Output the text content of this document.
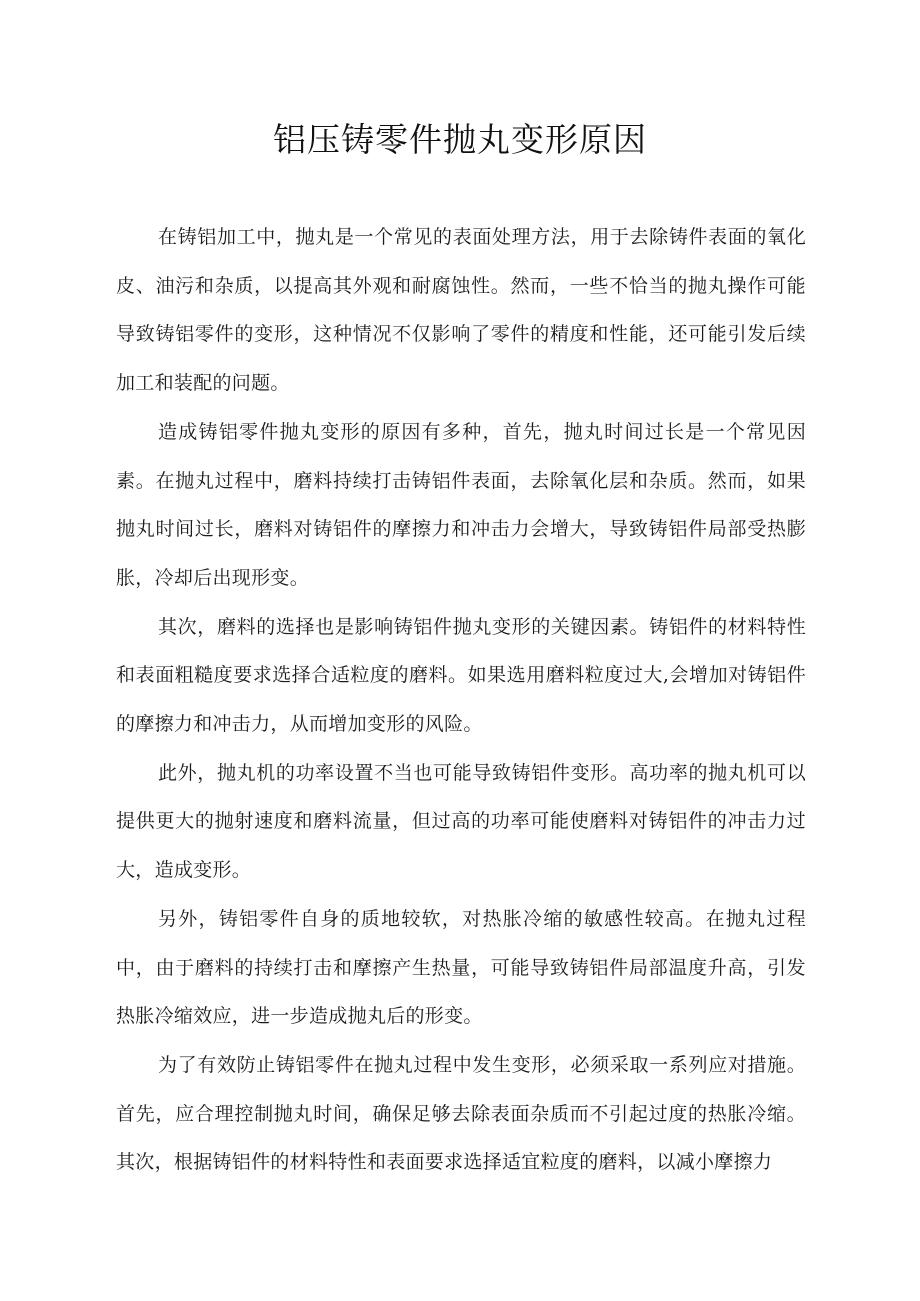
铝压铸零件抛丸变形原因

在铸铝加工中，抛丸是一个常见的表面处理方法，用于去除铸件表面的氧化皮、油污和杂质，以提高其外观和耐腐蚀性。然而，一些不恰当的抛丸操作可能导致铸铝零件的变形，这种情况不仅影响了零件的精度和性能，还可能引发后续加工和装配的问题。

造成铸铝零件抛丸变形的原因有多种，首先，抛丸时间过长是一个常见因素。在抛丸过程中，磨料持续打击铸铝件表面，去除氧化层和杂质。然而，如果抛丸时间过长，磨料对铸铝件的摩擦力和冲击力会增大，导致铸铝件局部受热膨胀，冷却后出现形变。

其次，磨料的选择也是影响铸铝件抛丸变形的关键因素。铸铝件的材料特性和表面粗糙度要求选择合适粒度的磨料。如果选用磨料粒度过大,会增加对铸铝件的摩擦力和冲击力，从而增加变形的风险。

此外，抛丸机的功率设置不当也可能导致铸铝件变形。高功率的抛丸机可以提供更大的抛射速度和磨料流量，但过高的功率可能使磨料对铸铝件的冲击力过大，造成变形。

另外，铸铝零件自身的质地较软，对热胀冷缩的敏感性较高。在抛丸过程中，由于磨料的持续打击和摩擦产生热量，可能导致铸铝件局部温度升高，引发热胀冷缩效应，进一步造成抛丸后的形变。

为了有效防止铸铝零件在抛丸过程中发生变形，必须采取一系列应对措施。首先，应合理控制抛丸时间，确保足够去除表面杂质而不引起过度的热胀冷缩。其次，根据铸铝件的材料特性和表面要求选择适宜粒度的磨料，以减小摩擦力
